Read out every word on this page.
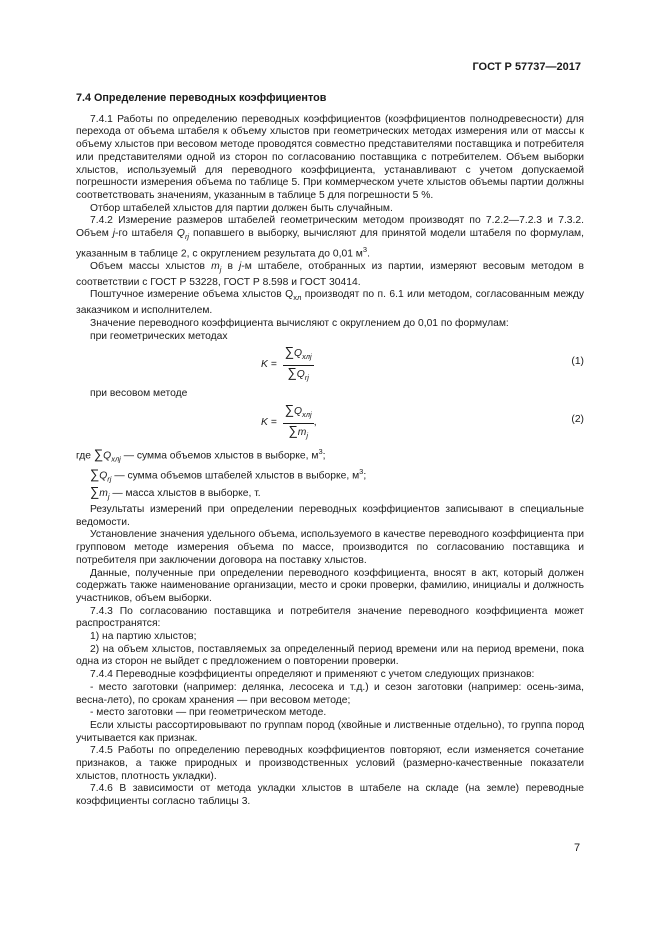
ГОСТ Р 57737—2017

7.4 Определение переводных коэффициентов

7.4.1 Работы по определению переводных коэффициентов (коэффициентов полнодревесности) для перехода от объема штабеля к объему хлыстов при геометрических методах измерения или от массы к объему хлыстов при весовом методе проводятся совместно представителями поставщика и потребителя или представителями одной из сторон по согласованию поставщика с потребителем. Объем выборки хлыстов, используемый для переводного коэффициента, устанавливают с учетом допускаемой погрешности измерения объема по таблице 5. При коммерческом учете хлыстов объемы партии должны соответствовать значениям, указанным в таблице 5 для погрешности 5 %.

Отбор штабелей хлыстов для партии должен быть случайным.

7.4.2 Измерение размеров штабелей геометрическим методом производят по 7.2.2—7.2.3 и 7.3.2. Объем j-го штабеля $Q_{rj}$ попавшего в выборку, вычисляют для принятой модели штабеля по формулам, указанным в таблице 2, с округлением результата до 0,01 $м^3$.

Объем массы хлыстов $m_j$ в j-м штабеле, отобранных из партии, измеряют весовым методом в соответствии с ГОСТ Р 53228, ГОСТ Р 8.598 и ГОСТ 30414.

Поштучное измерение объема хлыстов $Q_{хл}$ производят по п. 6.1 или методом, согласованным между заказчиком и исполнителем.

Значение переводного коэффициента вычисляют с округлением до 0,01 по формулам:

при геометрических методах

$K = \frac{\sum Q_{хлj}}{\sum Q_{rj}}$	(1)

при весовом методе

$K = \frac{\sum Q_{хлj}}{\sum m_j}$ ,	(2)
где $\sum Q_{хлj}$ — сумма объемов хлыстов в выборке, $м^3$;
$\sum Q_{rj}$ — сумма объемов штабелей хлыстов в выборке, $м^3$;
$\sum m_j$ — масса хлыстов в выборке, т.

Результаты измерений при определении переводных коэффициентов записывают в специальные ведомости.

Установление значения удельного объема, используемого в качестве переводного коэффициента при групповом методе измерения объема по массе, производится по согласованию поставщика и потребителя при заключении договора на поставку хлыстов.

Данные, полученные при определении переводного коэффициента, вносят в акт, который должен содержать также наименование организации, место и сроки проверки, фамилию, инициалы и должность участников, объем выборки.

7.4.3 По согласованию поставщика и потребителя значение переводного коэффициента может распространятся:

1) на партию хлыстов;

2) на объем хлыстов, поставляемых за определенный период времени или на период времени, пока одна из сторон не выйдет с предложением о повторении проверки.

7.4.4 Переводные коэффициенты определяют и применяют с учетом следующих признаков:

- место заготовки (например: делянка, лесосека и т.д.) и сезон заготовки (например: осень-зима, весна-лето), по срокам хранения — при весовом методе;

- место заготовки — при геометрическом методе.

Если хлысты рассортировывают по группам пород (хвойные и лиственные отдельно), то группа пород учитывается как признак.

7.4.5 Работы по определению переводных коэффициентов повторяют, если изменяется сочетание признаков, а также природных и производственных условий (размерно-качественные показатели хлыстов, плотность укладки).

7.4.6 В зависимости от метода укладки хлыстов в штабеле на складе (на земле) переводные коэффициенты согласно таблицы 3.

7
